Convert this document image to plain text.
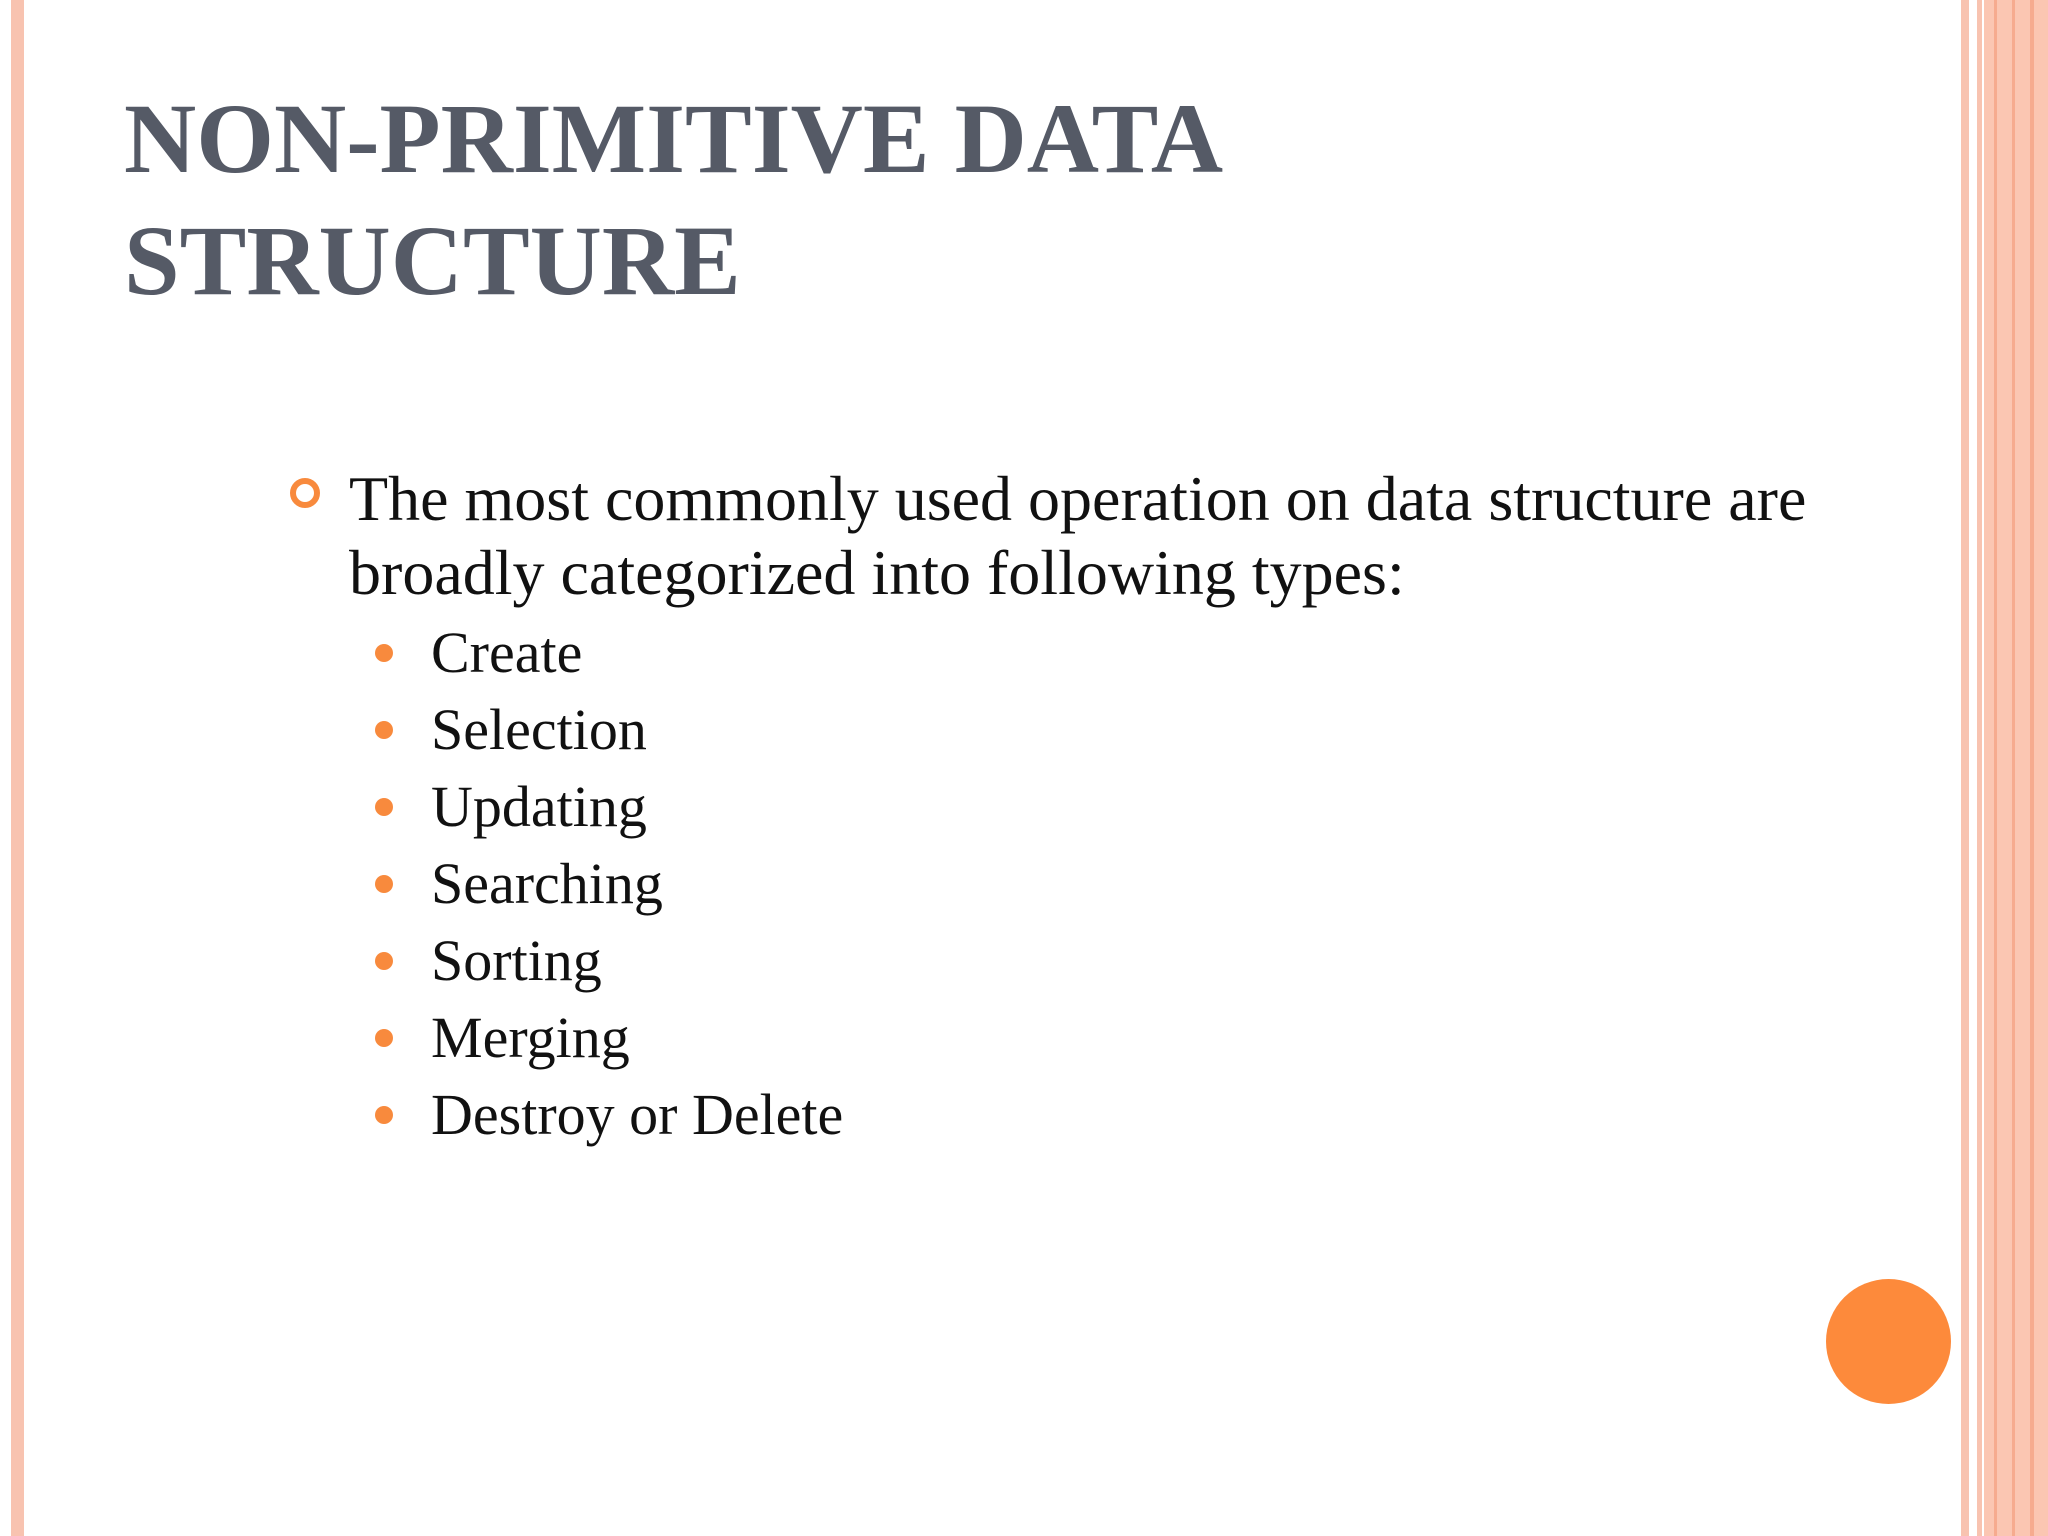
NON-PRIMITIVE DATA STRUCTURE
The most commonly used operation on data structure are broadly categorized into following types:
Create
Selection
Updating
Searching
Sorting
Merging
Destroy or Delete
